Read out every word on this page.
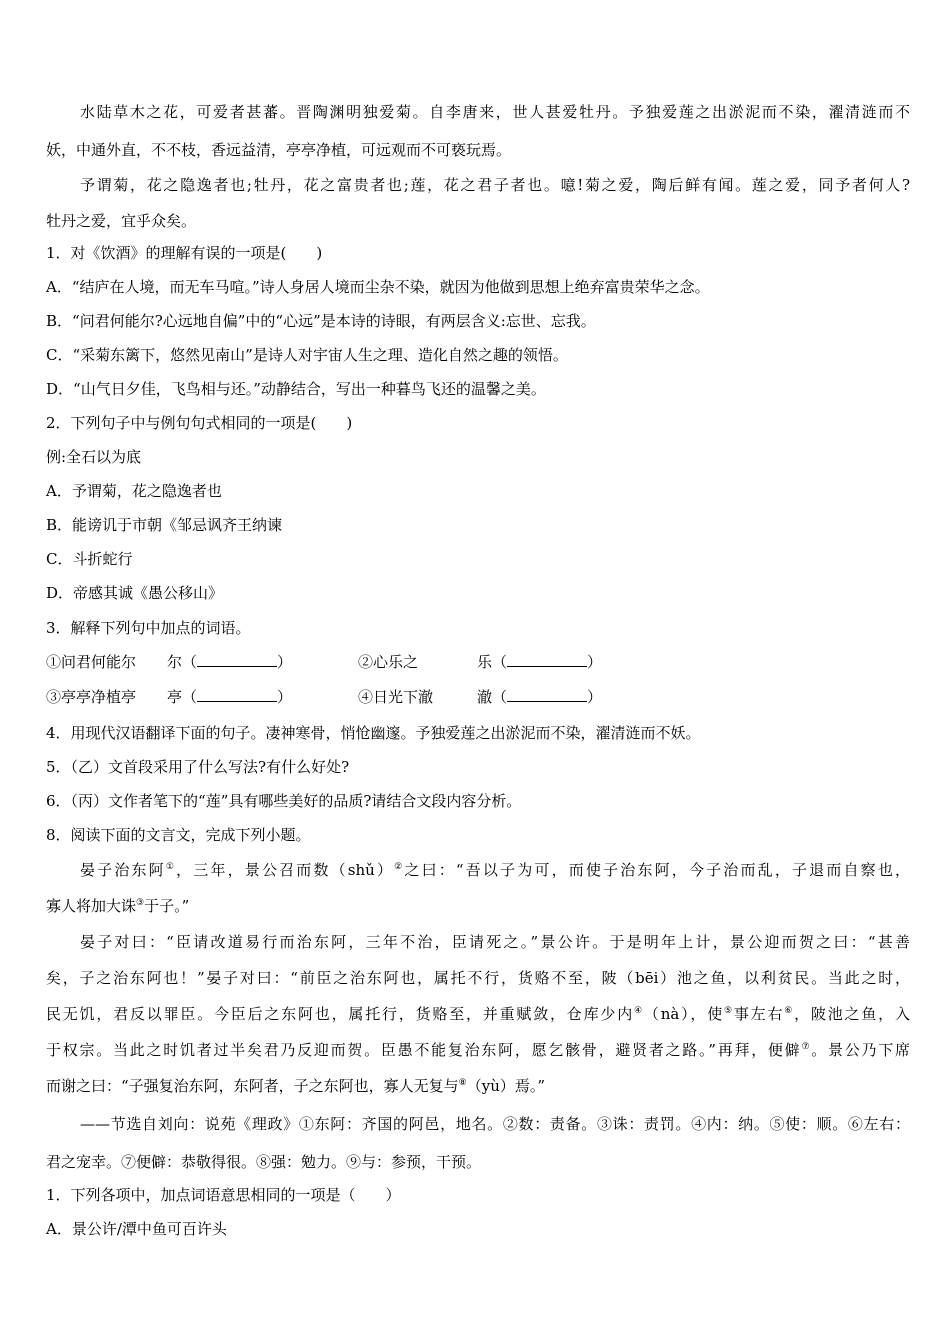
水陆草木之花，可爱者甚蕃。晋陶渊明独爱菊。自李唐来，世人甚爱牡丹。予独爱莲之出淤泥而不染，濯清涟而不
妖，中通外直，不不枝，香远益清，亭亭净植，可远观而不可亵玩焉。
予谓菊，花之隐逸者也;牡丹，花之富贵者也;莲，花之君子者也。噫!菊之爱，陶后鲜有闻。莲之爱，同予者何人?
牡丹之爱，宜乎众矣。
1．对《饮酒》的理解有误的一项是(　　)
A．“结庐在人境，而无车马喧。”诗人身居人境而尘杂不染，就因为他做到思想上绝弃富贵荣华之念。
B．“问君何能尔?心远地自偏”中的“心远”是本诗的诗眼，有两层含义:忘世、忘我。
C．“采菊东篱下，悠然见南山”是诗人对宇宙人生之理、造化自然之趣的领悟。
D．“山气日夕佳，飞鸟相与还。”动静结合，写出一种暮鸟飞还的温馨之美。
2．下列句子中与例句句式相同的一项是(　　)
例:全石以为底
A．予谓菊，花之隐逸者也
B．能谤讥于市朝《邹忌讽齐王纳谏
C．斗折蛇行
D．帝感其诚《愚公移山》
3．解释下列句中加点的词语。
①问君何能尔 尔（	）	②心乐之	乐（	）
③亭亭净植亭 亭（	）	④日光下澈	澈（	）
4．用现代汉语翻译下面的句子。凄神寒骨，悄怆幽邃。予独爱莲之出淤泥而不染，濯清涟而不妖。
5．（乙）文首段采用了什么写法?有什么好处?
6．（丙）文作者笔下的“莲”具有哪些美好的品质?请结合文段内容分析。
8．阅读下面的文言文，完成下列小题。
晏子治东阿①，三年，景公召而数（shǔ）②之曰：“吾以子为可，而使子治东阿，今子治而乱，子退而自察也，
寡人将加大诛③于子。”
晏子对曰：“臣请改道易行而治东阿，三年不治，臣请死之。”景公许。于是明年上计，景公迎而贺之曰：“甚善
矣，子之治东阿也！”晏子对曰：“前臣之治东阿也，属托不行，货赂不至，陂（bēi）池之鱼，以利贫民。当此之时，
民无饥，君反以罪臣。今臣后之东阿也，属托行，货赂至，并重赋敛，仓库少内④（nà），使⑤事左右⑥，陂池之鱼，入
于权宗。当此之时饥者过半矣君乃反迎而贺。臣愚不能复治东阿，愿乞骸骨，避贤者之路。”再拜，便僻⑦。景公乃下席
而谢之曰：“子强复治东阿，东阿者，子之东阿也，寡人无复与⑧（yù）焉。”
——节选自刘向：说苑《理政》①东阿：齐国的阿邑，地名。②数：责备。③诛：责罚。④内：纳。⑤使：顺。⑥左右：
君之宠幸。⑦便僻：恭敬得很。⑧强：勉力。⑨与：参预，干预。
1．下列各项中，加点词语意思相同的一项是（　　）
A．景公许/潭中鱼可百许头
